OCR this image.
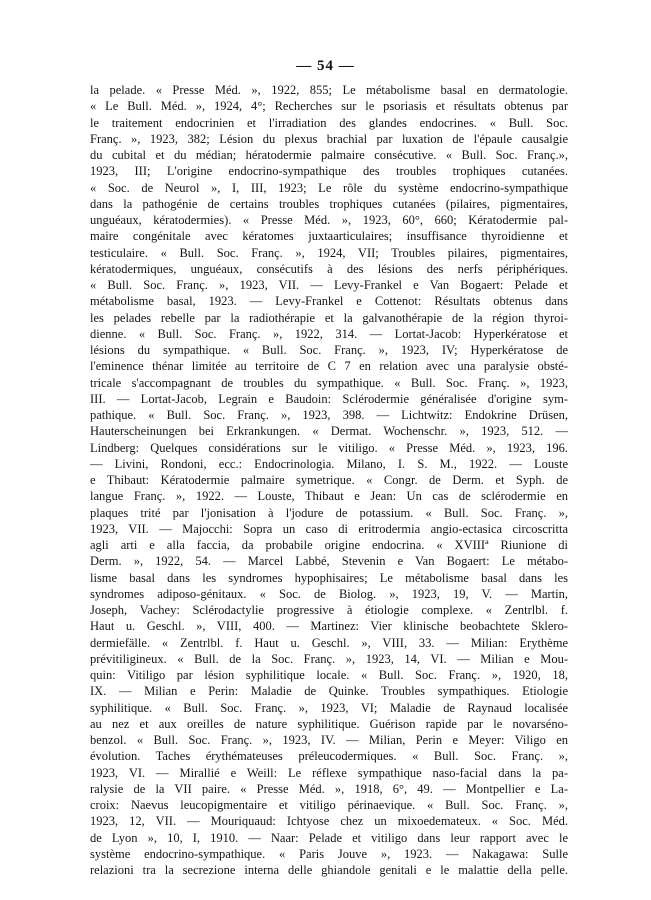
— 54 —
la pelade. « Presse Méd. », 1922, 855; Le métabolisme basal en dermatologie.
« Le Bull. Méd. », 1924, 4°; Recherches sur le psoriasis et résultats obtenus par
le traitement endocrinien et l'irradiation des glandes endocrines. « Bull. Soc.
Franç. », 1923, 382; Lésion du plexus brachial par luxation de l'épaule causalgie
du cubital et du médian; hératodermie palmaire consécutive. « Bull. Soc. Franç.»,
1923, III; L'origine endocrino-sympathique des troubles trophiques cutanées.
« Soc. de Neurol », I, III, 1923; Le rôle du système endocrino-sympathique
dans la pathogénie de certains troubles trophiques cutanées (pilaires, pigmentaires,
unguéaux, kératodermies). « Presse Méd. », 1923, 60°, 660; Kératodermie pal-
maire congénitale avec kératomes juxtaarticulaires; insuffisance thyroidienne et
testiculaire. « Bull. Soc. Franç. », 1924, VII; Troubles pilaires, pigmentaires,
kératodermiques, unguéaux, consécutifs à des lésions des nerfs périphériques.
« Bull. Soc. Franç. », 1923, VII. — Levy-Frankel e Van Bogaert: Pelade et
métabolisme basal, 1923. — Levy-Frankel e Cottenot: Résultats obtenus dans
les pelades rebelle par la radiothérapie et la galvanothérapie de la région thyroi-
dienne. « Bull. Soc. Franç. », 1922, 314. — Lortat-Jacob: Hyperkératose et
lésions du sympathique. « Bull. Soc. Franç. », 1923, IV; Hyperkératose de
l'eminence thénar limitée au territoire de C 7 en relation avec una paralysie obsté-
tricale s'accompagnant de troubles du sympathique. « Bull. Soc. Franç. », 1923,
III. — Lortat-Jacob, Legrain e Baudoin: Sclérodermie généralisée d'origine sym-
pathique. « Bull. Soc. Franç. », 1923, 398. — Lichtwitz: Endokrine Drüsen,
Hauterscheinungen bei Erkrankungen. « Dermat. Wochenschr. », 1923, 512. —
Lindberg: Quelques considérations sur le vitiligo. « Presse Méd. », 1923, 196.
— Livini, Rondoni, ecc.: Endocrinologia. Milano, I. S. M., 1922. — Louste
e Thibaut: Kératodermie palmaire symetrique. « Congr. de Derm. et Syph. de
langue Franç. », 1922. — Louste, Thibaut e Jean: Un cas de sclérodermie en
plaques trité par l'jonisation à l'jodure de potassium. « Bull. Soc. Franç. »,
1923, VII. — Majocchi: Sopra un caso di eritrodermia angio-ectasica circoscritta
agli arti e alla faccia, da probabile origine endocrina. « XVIIIª Riunione di
Derm. », 1922, 54. — Marcel Labbé, Stevenin e Van Bogaert: Le métabo-
lisme basal dans les syndromes hypophisaires; Le métabolisme basal dans les
syndromes adiposo-génitaux. « Soc. de Biolog. », 1923, 19, V. — Martin,
Joseph, Vachey: Sclérodactylie progressive à étiologie complexe. « Zentrlbl. f.
Haut u. Geschl. », VIII, 400. — Martinez: Vier klinische beobachtete Sklero-
dermiefälle. « Zentrlbl. f. Haut u. Geschl. », VIII, 33. — Milian: Erythème
prévitiligineux. « Bull. de la Soc. Franç. », 1923, 14, VI. — Milian e Mou-
quin: Vitiligo par lésion syphilitique locale. « Bull. Soc. Franç. », 1920, 18,
IX. — Milian e Perin: Maladie de Quinke. Troubles sympathiques. Etiologie
syphilitique. « Bull. Soc. Franç. », 1923, VI; Maladie de Raynaud localisée
au nez et aux oreilles de nature syphilitique. Guérison rapide par le novarséno-
benzol. « Bull. Soc. Franç. », 1923, IV. — Milian, Perin e Meyer: Viligo en
évolution. Taches érythémateuses préleucodermiques. « Bull. Soc. Franç. »,
1923, VI. — Mirallié e Weill: Le réflexe sympathique naso-facial dans la pa-
ralysie de la VII paire. « Presse Méd. », 1918, 6°, 49. — Montpellier e La-
croix: Naevus leucopigmentaire et vitiligo périnaevique. « Bull. Soc. Franç. »,
1923, 12, VII. — Mouriquaud: Ichtyose chez un mixoedemateux. « Soc. Méd.
de Lyon », 10, I, 1910. — Naar: Pelade et vitiligo dans leur rapport avec le
système endocrino-sympathique. « Paris Jouve », 1923. — Nakagawa: Sulle
relazioni tra la secrezione interna delle ghiandole genitali e le malattie della pelle.
